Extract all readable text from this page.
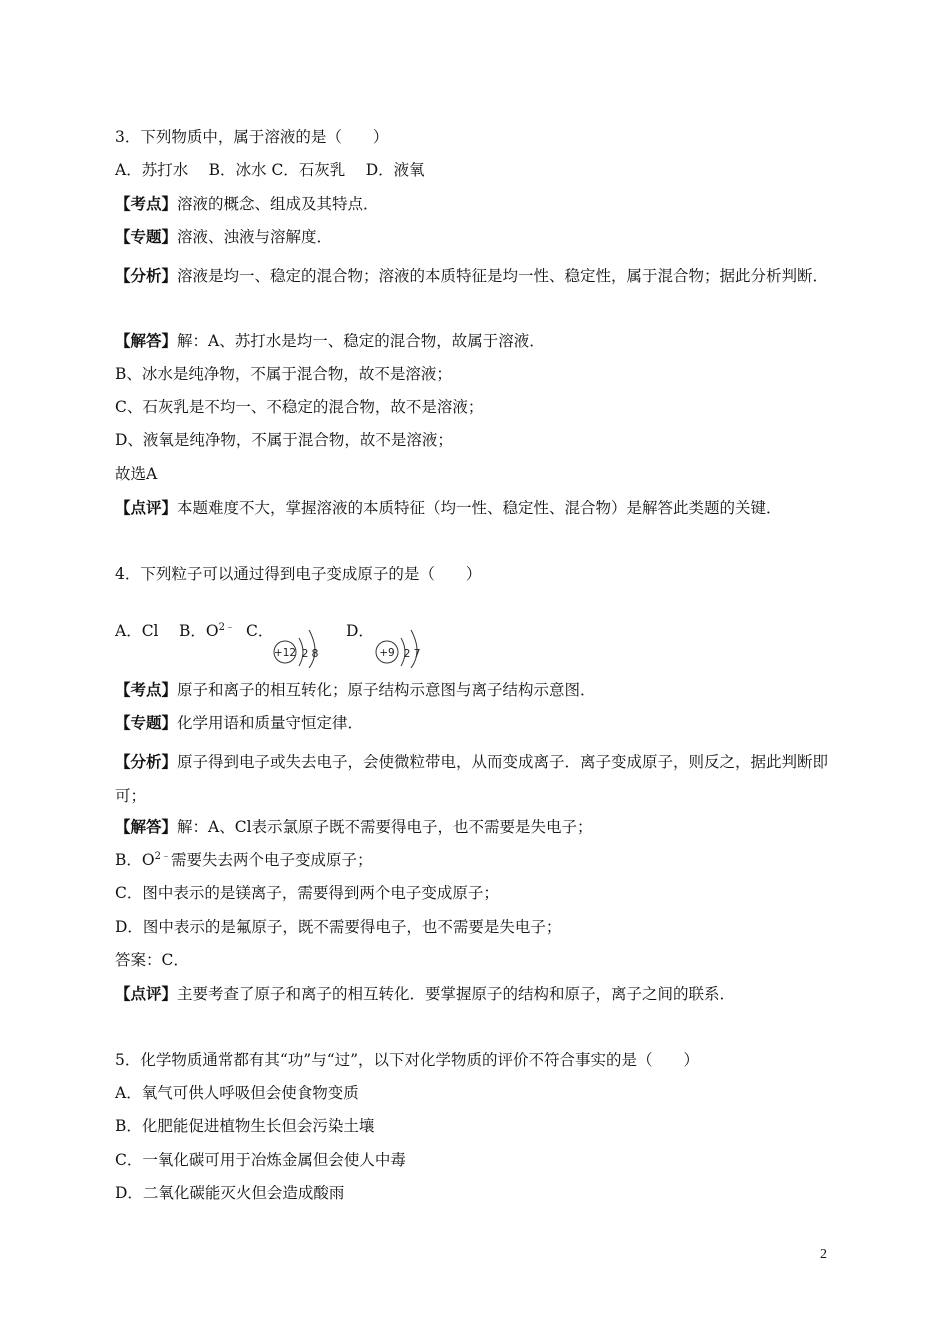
3．下列物质中，属于溶液的是（　　）
A．苏打水　 B．冰水 C．石灰乳　 D．液氧
【考点】溶液的概念、组成及其特点．
【专题】溶液、浊液与溶解度．
【分析】溶液是均一、稳定的混合物；溶液的本质特征是均一性、稳定性，属于混合物；据此分析判断．
【解答】解：A、苏打水是均一、稳定的混合物，故属于溶液．
B、冰水是纯净物，不属于混合物，故不是溶液；
C、石灰乳是不均一、不稳定的混合物，故不是溶液；
D、液氧是纯净物，不属于混合物，故不是溶液；
故选A
【点评】本题难度不大，掌握溶液的本质特征（均一性、稳定性、混合物）是解答此类题的关键．
4．下列粒子可以通过得到电子变成原子的是（　　）
A．Cl B．$O^{2﹣}$ C．	D．
+12 2 8	+9 2 7
【考点】原子和离子的相互转化；原子结构示意图与离子结构示意图．
【专题】化学用语和质量守恒定律．
【分析】原子得到电子或失去电子，会使微粒带电，从而变成离子．离子变成原子，则反之，据此判断即可；
【解答】解：A、Cl表示氯原子既不需要得电子，也不需要是失电子；
B．$O^{2﹣}$需要失去两个电子变成原子；
C．图中表示的是镁离子，需要得到两个电子变成原子；
D．图中表示的是氟原子，既不需要得电子，也不需要是失电子；
答案：C．
【点评】主要考查了原子和离子的相互转化．要掌握原子的结构和原子，离子之间的联系．
5．化学物质通常都有其“功”与“过”，以下对化学物质的评价不符合事实的是（　　）
A．氧气可供人呼吸但会使食物变质
B．化肥能促进植物生长但会污染土壤
C．一氧化碳可用于冶炼金属但会使人中毒
D．二氧化碳能灭火但会造成酸雨
2
